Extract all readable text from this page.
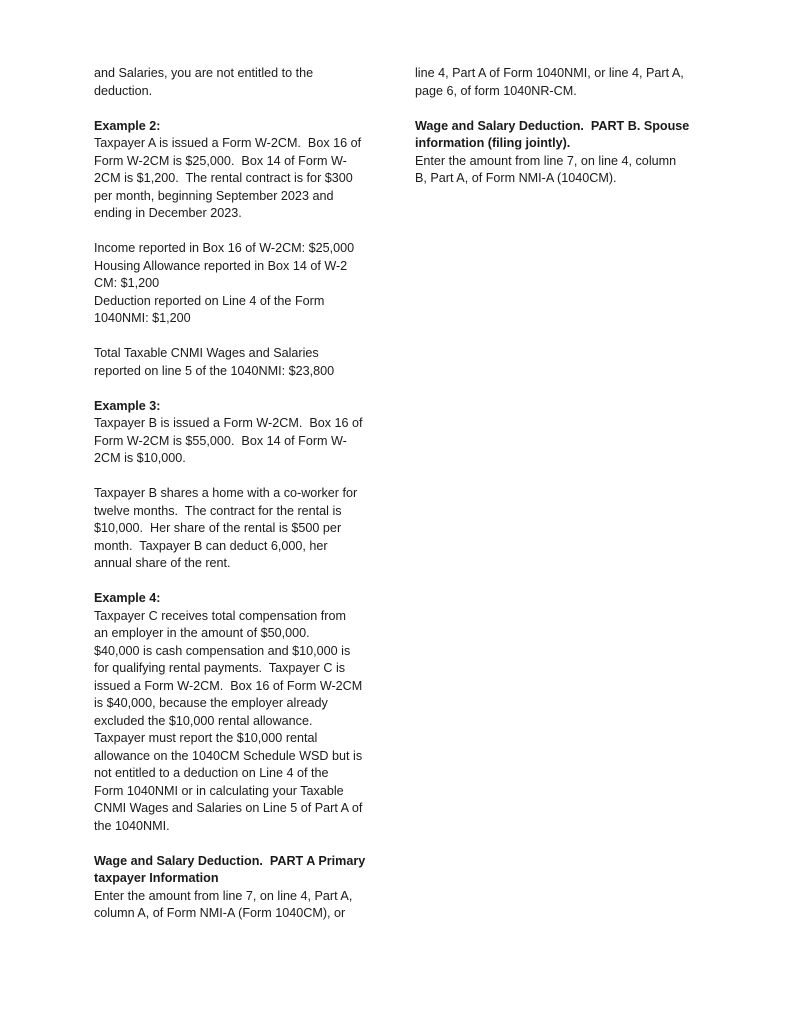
and Salaries, you are not entitled to the
deduction.
Example 2:
Taxpayer A is issued a Form W-2CM.  Box 16 of
Form W-2CM is $25,000.  Box 14 of Form W-
2CM is $1,200.  The rental contract is for $300
per month, beginning September 2023 and
ending in December 2023.
Income reported in Box 16 of W-2CM: $25,000
Housing Allowance reported in Box 14 of W-2
CM: $1,200
Deduction reported on Line 4 of the Form
1040NMI: $1,200
Total Taxable CNMI Wages and Salaries
reported on line 5 of the 1040NMI: $23,800
Example 3:
Taxpayer B is issued a Form W-2CM.  Box 16 of
Form W-2CM is $55,000.  Box 14 of Form W-
2CM is $10,000.
Taxpayer B shares a home with a co-worker for
twelve months.  The contract for the rental is
$10,000.  Her share of the rental is $500 per
month.  Taxpayer B can deduct 6,000, her
annual share of the rent.
Example 4:
Taxpayer C receives total compensation from
an employer in the amount of $50,000.
$40,000 is cash compensation and $10,000 is
for qualifying rental payments.  Taxpayer C is
issued a Form W-2CM.  Box 16 of Form W-2CM
is $40,000, because the employer already
excluded the $10,000 rental allowance.
Taxpayer must report the $10,000 rental
allowance on the 1040CM Schedule WSD but is
not entitled to a deduction on Line 4 of the
Form 1040NMI or in calculating your Taxable
CNMI Wages and Salaries on Line 5 of Part A of
the 1040NMI.
Wage and Salary Deduction.  PART A Primary
taxpayer Information
Enter the amount from line 7, on line 4, Part A,
column A, of Form NMI-A (Form 1040CM), or
line 4, Part A of Form 1040NMI, or line 4, Part A,
page 6, of form 1040NR-CM.
Wage and Salary Deduction.  PART B. Spouse
information (filing jointly).
Enter the amount from line 7, on line 4, column
B, Part A, of Form NMI-A (1040CM).
